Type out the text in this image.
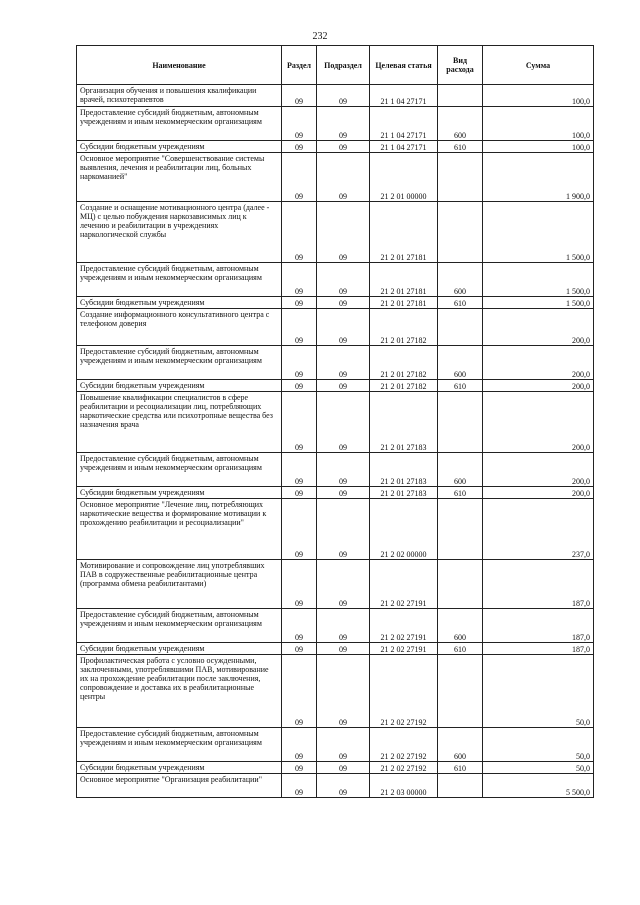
232
Наименование	Раздел	Подраздел	Целевая статья	Вид расхода	Сумма
Организация обучения и повышения квалификации врачей, психотерапевтов	09	09	21 1 04 27171		100,0
Предоставление субсидий бюджетным, автономным учреждениям и иным некоммерческим организациям	09	09	21 1 04 27171	600	100,0
Субсидии бюджетным учреждениям	09	09	21 1 04 27171	610	100,0
Основное мероприятие "Совершенствование системы выявления, лечения и реабилитации лиц, больных наркоманией"	09	09	21 2 01 00000		1 900,0
Создание и оснащение мотивационного центра (далее - МЦ) с целью побуждения наркозависимых лиц к лечению и реабилитации в учреждениях наркологической службы	09	09	21 2 01 27181		1 500,0
Предоставление субсидий бюджетным, автономным учреждениям и иным некоммерческим организациям	09	09	21 2 01 27181	600	1 500,0
Субсидии бюджетным учреждениям	09	09	21 2 01 27181	610	1 500,0
Создание информационного консультативного центра с телефоном доверия	09	09	21 2 01 27182		200,0
Предоставление субсидий бюджетным, автономным учреждениям и иным некоммерческим организациям	09	09	21 2 01 27182	600	200,0
Субсидии бюджетным учреждениям	09	09	21 2 01 27182	610	200,0
Повышение квалификации специалистов в сфере реабилитации и ресоциализации лиц, потребляющих наркотические средства или психотропные вещества без назначения врача	09	09	21 2 01 27183		200,0
Предоставление субсидий бюджетным, автономным учреждениям и иным некоммерческим организациям	09	09	21 2 01 27183	600	200,0
Субсидии бюджетным учреждениям	09	09	21 2 01 27183	610	200,0
Основное мероприятие "Лечение лиц, потребляющих наркотические вещества и формирование мотивации к прохождению реабилитации и ресоциализации"	09	09	21 2 02 00000		237,0
Мотивирование и сопровождение лиц употреблявших ПАВ в содружественные реабилитационные центра (программа обмена реабилитантами)	09	09	21 2 02 27191		187,0
Предоставление субсидий бюджетным, автономным учреждениям и иным некоммерческим организациям	09	09	21 2 02 27191	600	187,0
Субсидии бюджетным учреждениям	09	09	21 2 02 27191	610	187,0
Профилактическая работа с условно осужденными, заключенными, употреблявшими ПАВ, мотивирование их на прохождение реабилитации после заключения, сопровождение и доставка их в реабилитационные центры	09	09	21 2 02 27192		50,0
Предоставление субсидий бюджетным, автономным учреждениям и иным некоммерческим организациям	09	09	21 2 02 27192	600	50,0
Субсидии бюджетным учреждениям	09	09	21 2 02 27192	610	50,0
Основное мероприятие "Организация реабилитации"	09	09	21 2 03 00000		5 500,0
